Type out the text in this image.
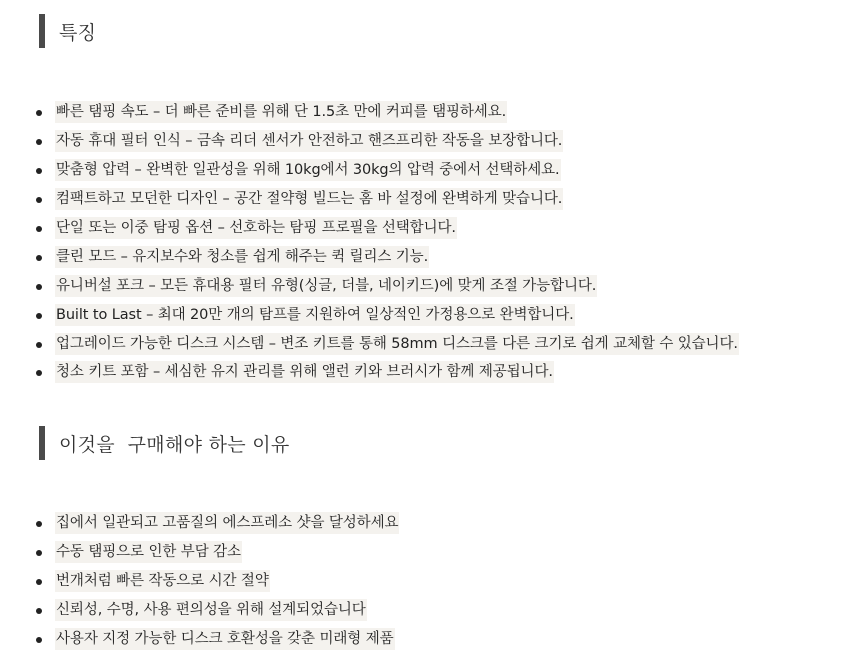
특징
빠른 탬핑 속도 – 더 빠른 준비를 위해 단 1.5초 만에 커피를 탬핑하세요.
자동 휴대 필터 인식 – 금속 리더 센서가 안전하고 핸즈프리한 작동을 보장합니다.
맞춤형 압력 – 완벽한 일관성을 위해 10kg에서 30kg의 압력 중에서 선택하세요.
컴팩트하고 모던한 디자인 – 공간 절약형 빌드는 홈 바 설정에 완벽하게 맞습니다.
단일 또는 이중 탐핑 옵션 – 선호하는 탐핑 프로필을 선택합니다.
클린 모드 – 유지보수와 청소를 쉽게 해주는 퀵 릴리스 기능.
유니버설 포크 – 모든 휴대용 필터 유형(싱글, 더블, 네이키드)에 맞게 조절 가능합니다.
Built to Last – 최대 20만 개의 탐프를 지원하여 일상적인 가정용으로 완벽합니다.
업그레이드 가능한 디스크 시스템 – 변조 키트를 통해 58mm 디스크를 다른 크기로 쉽게 교체할 수 있습니다.
청소 키트 포함 – 세심한 유지 관리를 위해 앨런 키와 브러시가 함께 제공됩니다.
이것을  구매해야 하는 이유
집에서 일관되고 고품질의 에스프레소 샷을 달성하세요
수동 탬핑으로 인한 부담 감소
번개처럼 빠른 작동으로 시간 절약
신뢰성, 수명, 사용 편의성을 위해 설계되었습니다
사용자 지정 가능한 디스크 호환성을 갖춘 미래형 제품
